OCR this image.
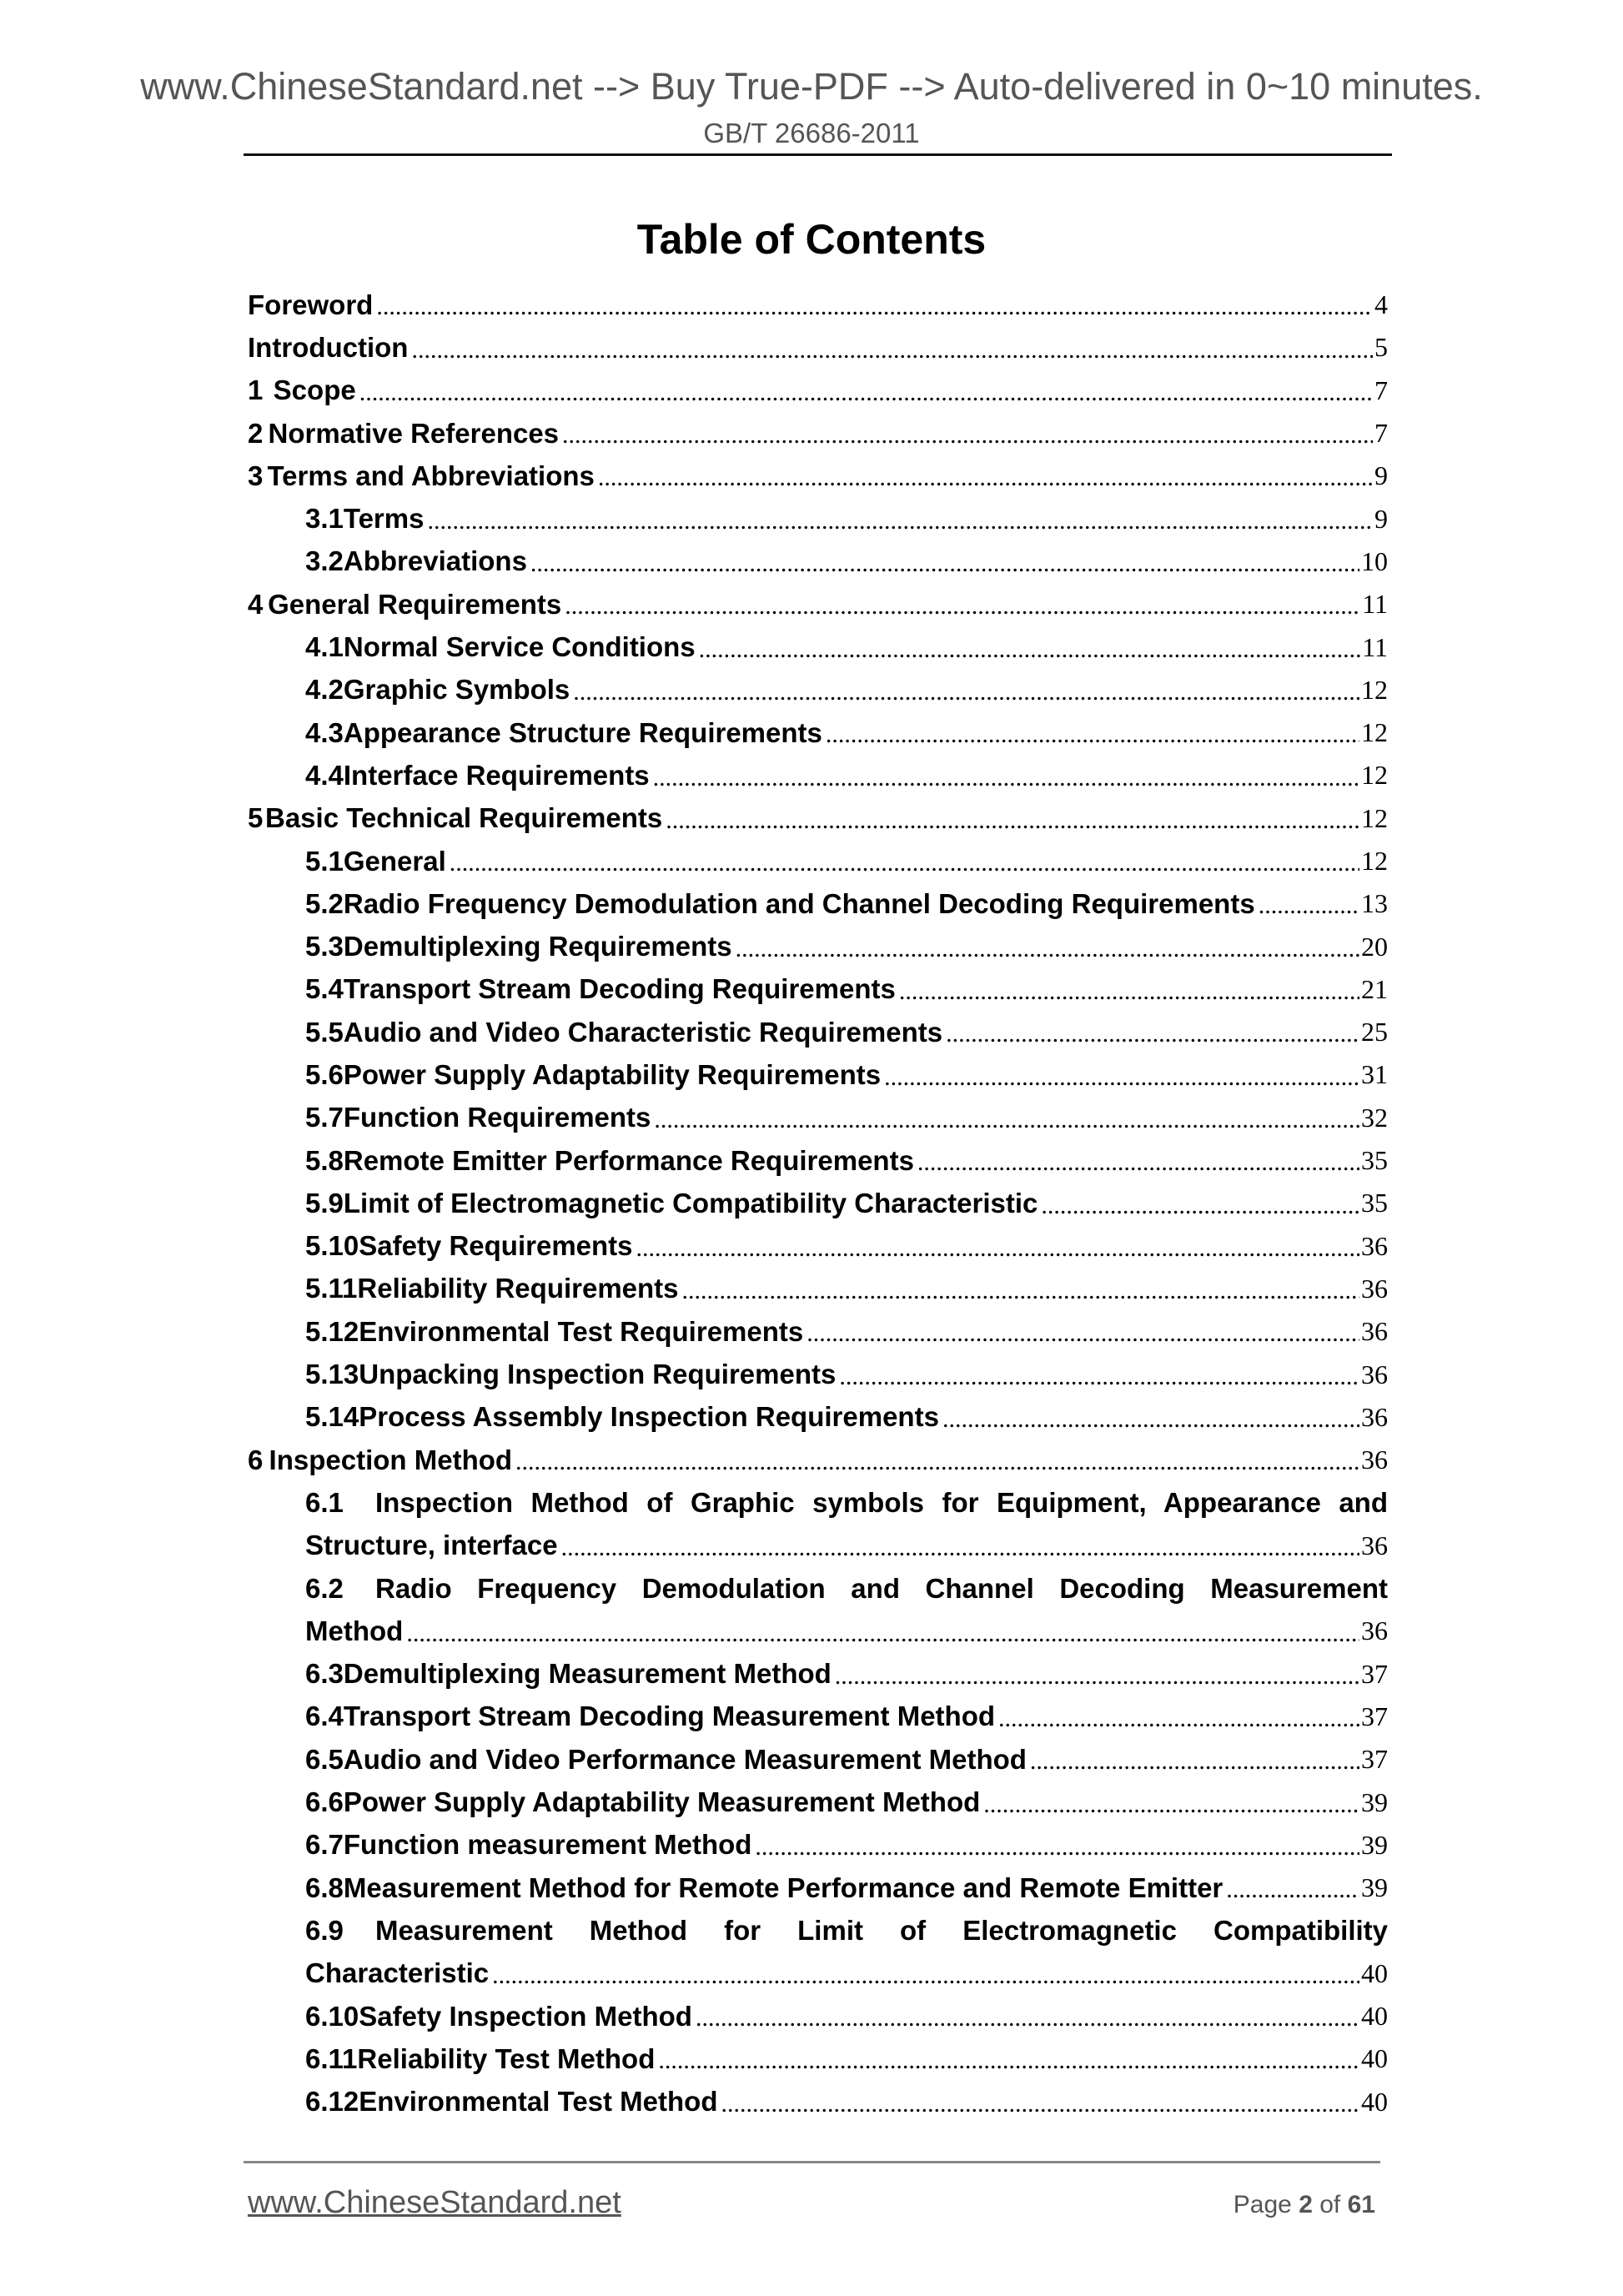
www.ChineseStandard.net --> Buy True-PDF --> Auto-delivered in 0~10 minutes.
GB/T 26686-2011
Table of Contents
Foreword .....	4
Introduction .....	5
1 Scope .....	7
2 Normative References .....	7
3 Terms and Abbreviations .....	9
3.1 Terms .....	9
3.2 Abbreviations .....	10
4 General Requirements .....	11
4.1 Normal Service Conditions .....	11
4.2 Graphic Symbols .....	12
4.3 Appearance Structure Requirements .....	12
4.4 Interface Requirements .....	12
5 Basic Technical Requirements .....	12
5.1 General .....	12
5.2 Radio Frequency Demodulation and Channel Decoding Requirements .....	13
5.3 Demultiplexing Requirements .....	20
5.4 Transport Stream Decoding Requirements .....	21
5.5 Audio and Video Characteristic Requirements .....	25
5.6 Power Supply Adaptability Requirements .....	31
5.7 Function Requirements .....	32
5.8 Remote Emitter Performance Requirements .....	35
5.9 Limit of Electromagnetic Compatibility Characteristic .....	35
5.10 Safety Requirements .....	36
5.11 Reliability Requirements .....	36
5.12 Environmental Test Requirements .....	36
5.13 Unpacking Inspection Requirements .....	36
5.14 Process Assembly Inspection Requirements .....	36
6 Inspection Method .....	36
6.1 Inspection Method of Graphic symbols for Equipment, Appearance and
Structure, interface .....	36
6.2 Radio Frequency Demodulation and Channel Decoding Measurement
Method .....	36
6.3 Demultiplexing Measurement Method .....	37
6.4 Transport Stream Decoding Measurement Method .....	37
6.5 Audio and Video Performance Measurement Method .....	37
6.6 Power Supply Adaptability Measurement Method .....	39
6.7 Function measurement Method .....	39
6.8 Measurement Method for Remote Performance and Remote Emitter .....	39
6.9 Measurement Method for Limit of Electromagnetic Compatibility
Characteristic .....	40
6.10 Safety Inspection Method .....	40
6.11 Reliability Test Method .....	40
6.12 Environmental Test Method .....	40
www.ChineseStandard.net	Page 2 of 61
